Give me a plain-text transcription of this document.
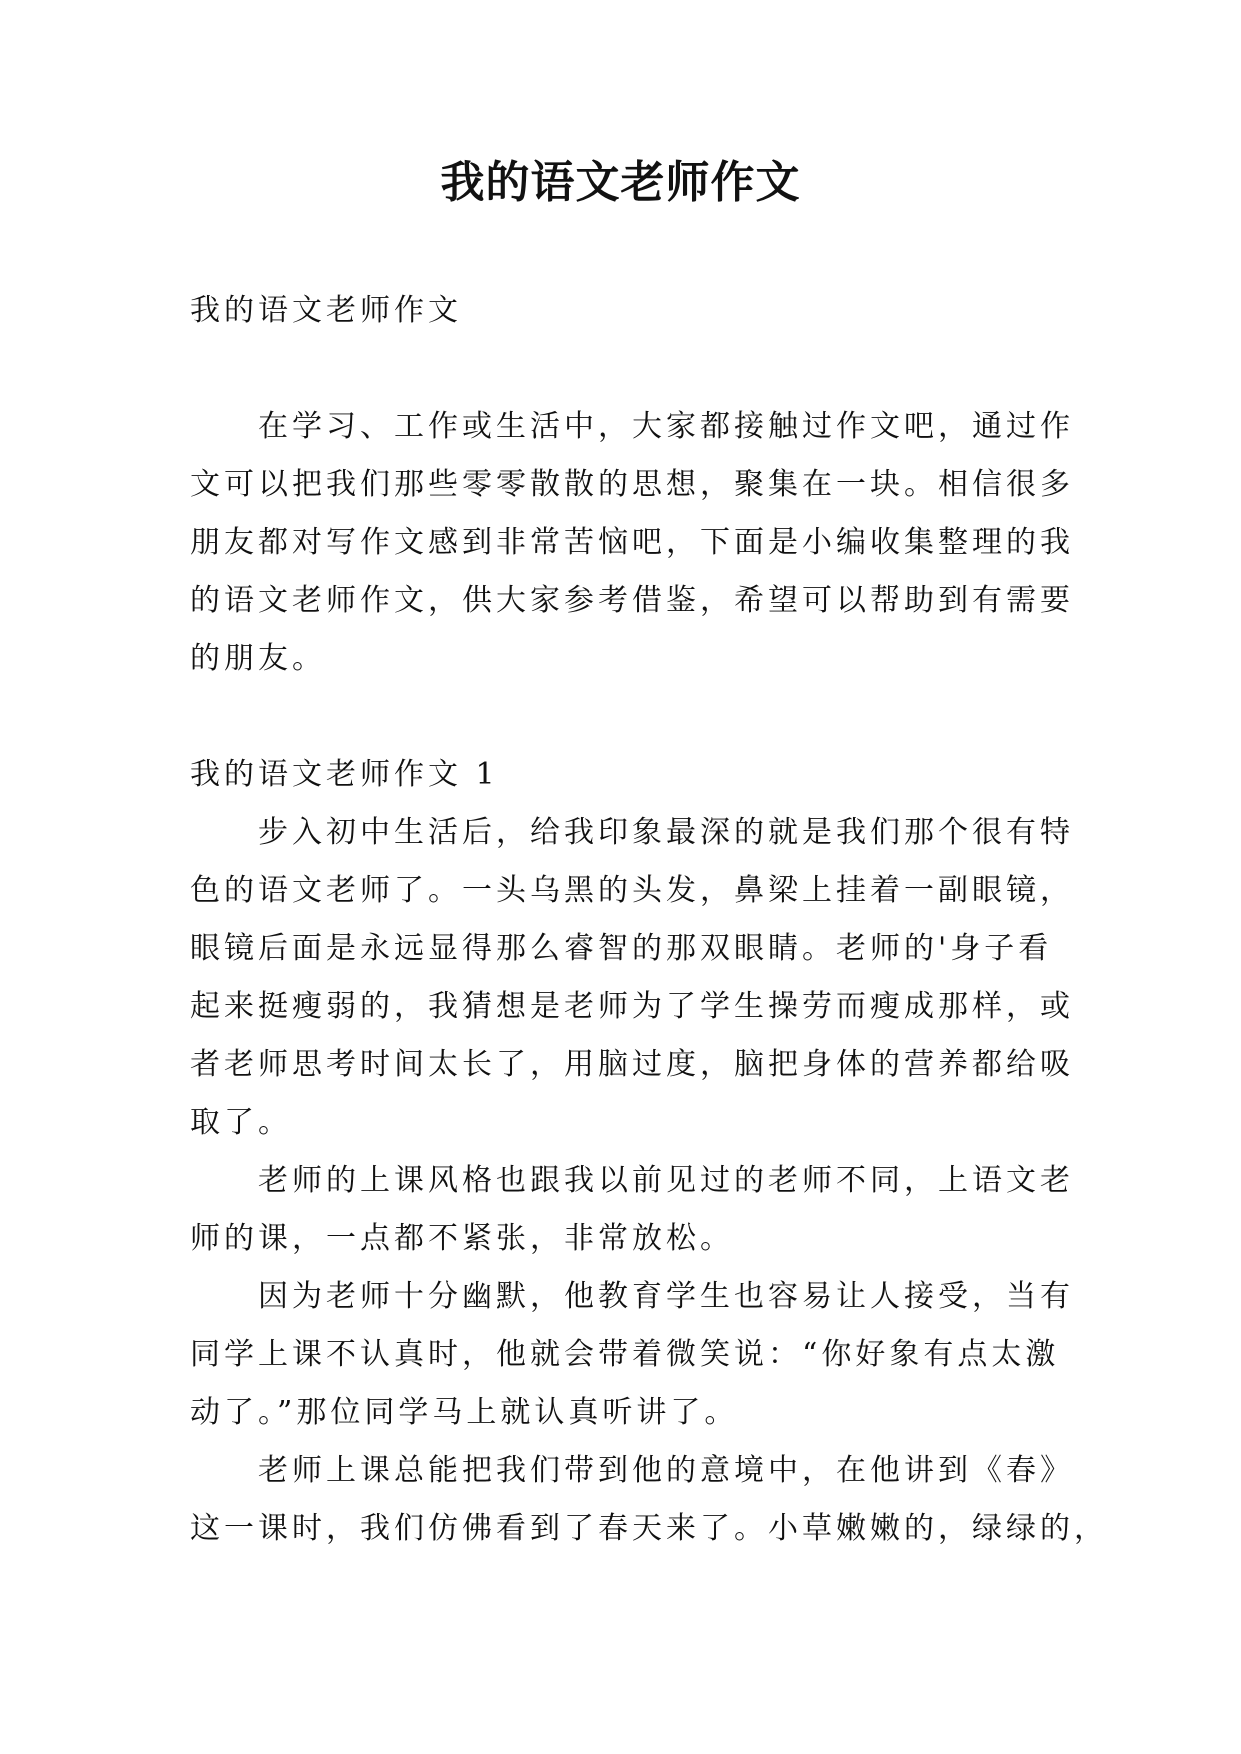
我的语文老师作文
我的语文老师作文
在学习、工作或生活中，大家都接触过作文吧，通过作
文可以把我们那些零零散散的思想，聚集在一块。相信很多
朋友都对写作文感到非常苦恼吧，下面是小编收集整理的我
的语文老师作文，供大家参考借鉴，希望可以帮助到有需要
的朋友。
我的语文老师作文 1
步入初中生活后，给我印象最深的就是我们那个很有特
色的语文老师了。一头乌黑的头发，鼻梁上挂着一副眼镜，
眼镜后面是永远显得那么睿智的那双眼睛。老师的'身子看
起来挺瘦弱的，我猜想是老师为了学生操劳而瘦成那样，或
者老师思考时间太长了，用脑过度，脑把身体的营养都给吸
取了。
老师的上课风格也跟我以前见过的老师不同，上语文老
师的课，一点都不紧张，非常放松。
因为老师十分幽默，他教育学生也容易让人接受，当有
同学上课不认真时，他就会带着微笑说：“你好象有点太激
动了。”那位同学马上就认真听讲了。
老师上课总能把我们带到他的意境中，在他讲到《春》
这一课时，我们仿佛看到了春天来了。小草嫩嫩的，绿绿的，
